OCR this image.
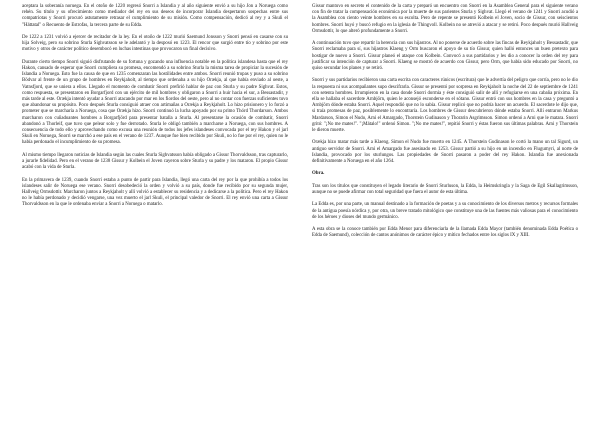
aceptara la soberanía noruega. En el otoño de 1220 regresó Snorri a Islandia y al año siguiente envió a su hijo Jon a Noruega como rehén. Su título y su ofrecimiento como mediador del rey en sus deseos de incorporar Islandia despertaron sospechas entre sus compatriotas y Snorri procuró astutamente retrasar el cumplimiento de su misión. Como compensación, dedicó al rey y a Skuli el "Háttatal" o Recuento de Estrofas, la tercera parte de su Edda.

De 1222 a 1231 volvió a ejercer de recitador de la ley. En el otoño de 1222 murió Saemund Jonsson y Snorri pensó en casarse con su hija Solveig, pero su sobrino Sturla Sighvatsson se le adelantó y la desposó en 1223. El rencor que surgió entre tío y sobrino por este motivo y otros de carácter político desembocó en luchas intestinas que provocaron un final decisivo.

Durante cierto tiempo Snorri siguió disfrutando de su fortuna y gozando una influencia notable en la política islandesa hasta que el rey Hakon, cansado de esperar que Snorri cumpliera su promesa, encomendó a su sobrino Sturla la misma tarea de propiciar la sucesión de Islandia a Noruega. Esto fue la causa de que en 1235 comenzaran las hostilidades entre ambos. Snorri reunió tropas y puso a su sobrino Bödvar al frente de un grupo de hombres en Reykjaholt, al tiempo que ordenaba a su hijo Orækja, al que había enviado al oeste, a Vatnsfjord, que se uniera a ellos. Llegado el momento de combatir Snorri prefirió hablar de paz con Sturla y su padre Sighvat. Estos, como respuesta, se presentaron en Borgarfjord con un ejército de mil hombres y obligaron a Snorri a huir hacia el sur, a Bessastadir, y más tarde al este. Orækja intentó ayudar a Snorri atacando por mar en los fiordos del oeste, pero al no contar con fuerzas suficientes tuvo que abandonar su propósito. Poco después Sturla consiguió atraer con artimañas a Orækja a Reykjaholt. Lo hizo prisionero y lo forzó a prometer que se marcharía a Noruega, cosa que Orækja hizo. Snorri continuó la lucha apoyado por su primo Thórd Thordarson. Ambos marcharon con cuñadoantes hombres a Borgarfjörd para presentar batalla a Sturla. Al presentarse la ocasión de combatir, Snorri abandonó a Thorleif, que tuvo que pelear solo y fue derrotado. Sturla le obligó también a marcharse a Noruega, con sus hombres. A consecuencia de todo ello y aprovechando como excusa una reunión de todos los jefes islandeses convocada por el rey Hakon y el jarl Skuli en Noruega, Snorri se marchó a ese país en el verano de 1237. Aunque fue bien recibido por Skuli, no lo fue por el rey, quien no le había perdonado el incumplimiento de su promesa.

Al mismo tiempo llegaron noticias de Islandia según las cuales Sturla Sighvatsson había obligado a Gissur Thorvaldsson, tras capturarlo, a jurarle fidelidad. Pero en el verano de 1238 Gissur y Kolbein el Joven cayeron sobre Sturla y su padre y los mataron. El propio Gissur acabó con la vida de Sturla.

En la primavera de 1239, cuando Snorri estaba a punto de partir para Islandia, llegó una carta del rey por la que prohibía a todos los islandeses salir de Noruega ese verano. Snorri desobedeció la orden y volvió a su país, donde fue recibido por su segunda mujer, Hallveig Ormsdottir. Marcharon juntos a Reykjaholt y allí volvió a establecer su residencia y a dedicarse a la política. Pero el rey Hakon no le había perdonado y decidió vengarse, una vez muerto el jarl Skuli, el principal valedor de Snorri. El rey envió una carta a Gissur Thorvaldsson en la que le ordenaba enviar a Snorri a Noruega o matarlo.

Gissur mantuvo en secreto el contenido de la carta y preparó un encuentro con Snorri en la Asamblea General para el siguiente verano con fin de tratar la compensación económica por la muerte de sus parientes Sturla y Sighvat. Llegó el verano de 1241 y Snorri acudió a la Asamblea con ciento veinte hombres en su escolta. Pero de repente se presentó Kolbein el Joven, socio de Gissur, con seiscientos hombres. Snorri huyó y buscó refugio en la iglesia de Thingvoll. Kolbein no se atrevió a atacar y se retiró. Poco después murió Hallveig Ormsdottir, lo que alteró profundamente a Snorri.

A continuación tuvo que repartir la herencia con sus hijastros. Al no ponerse de acuerdo sobre las fincas de Reykjaholt y Bessastadir, que Snorri reclamaba para sí, sus hijastros Klaeng y Orm buscaron el apoyo de su tío Gissur, quien halló entonces un buen pretexto para hostigar de nuevo a Snorri. Gissur planeó el ataque con Kolbein. Convocó a sus partidarios y les dio a conocer la orden del rey para justificar su intención de capturar a Snorri. Klaeng se mostró de acuerdo con Gissur, pero Orm, que había sido educado por Snorri, no quiso secundar los planes y se retiró.

Snorri y sus partidarios recibieron una carta escrita con caracteres rúnicos (escritura) que le advertía del peligro que corría, pero no le dio la respuesta ni sus acompañantes supo descifrarla. Gissur se presentó por sorpresa en Reykjaholt la noche del 22 de septiembre de 1241 con setenta hombres. Irrumpieron en la casa donde Snorri dormía y éste consiguió salir de allí y refugiarse en una cabaña próxima. En ella se hallaba el sacerdote Arnbjörn, quien le aconsejó esconderse en el sótano. Gissur entró con sus hombres en la casa y preguntó a Arnbjörn dónde estaba Snorri. Aquel respondió que no lo sabía. Gissur replicó que no podría hacer un acuerdo. El sacerdote le dijo que, si traía promesas de paz, posiblemente lo encontraría. Los hombres de Gissur descubrieron dónde estaba Snorri. Allí entraron Markus Mardarson, Simon el Nudo, Arni el Amargado, Thorstein Gudinason y Thorarin Asgrimsson. Simon ordenó a Arni que le matara. Snorri gritó: "¡No me mates!". "¡Mátalo!" ordenó Simon. "¡No me mates!", repitió Snorri y éstas fueron sus últimas palabras. Arni y Thorstein le dieron muerte.

Orækja hizo matar más tarde a Klaeng. Simon el Nudo fue muerto en 1245. A Thorstein Gudinason le cortó la mano un tal Sigurd, un antiguo servidor de Snorri. Arni el Amargado fue asesinado en 1253. Gissur partió a su hijo en un incendio en Flugumyri, al norte de Islandia, provocado por los sturlungos. Las propiedades de Snorri pasaron a poder del rey Hakon. Islandia fue anexionada definitivamente a Noruega en el año 1264.

Obra.

Tras son los títulos que constituyen el legado literario de Snorri Sturluson, la Edda, la Heimskringla y la Saga de Egil Skallagrimsson, aunque no se puede afirmar con total seguridad que fuera el autor de esta última.

La Edda es, por una parte, un manual destinado a la formación de poetas y a su conocimiento de los diversos metros y recursos formales de la antigua poesía nórdica y, por otra, un breve tratado mitológico que constituye una de las fuentes más valiosas para el conocimiento de los héroes y dioses del mundo germánico.

A esta obra se la conoce también por Edda Menor para diferenciarla de la llamada Edda Mayor (también denominada Edda Poética o Edda de Saemund), colección de cantos anónimos de carácter épico y mítico fechados entre los siglos IX y XIII.
